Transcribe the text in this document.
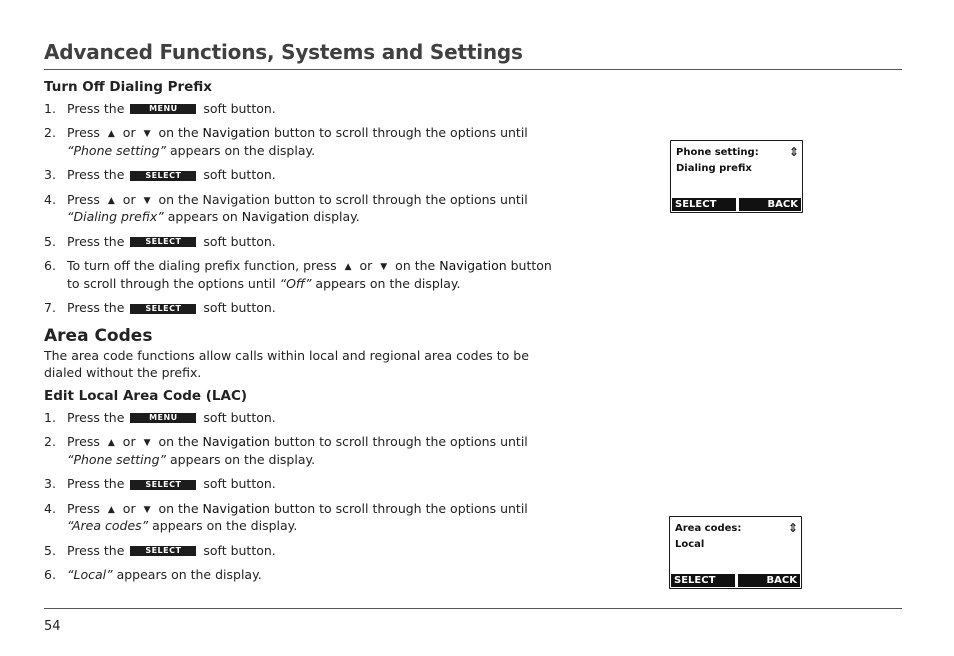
Advanced Functions, Systems and Settings
Turn Off Dialing Prefix
1. Press the	MENU soft button.
2. Press ▲ or ▼ on the Navigation button to scroll through the options until
“Phone setting” appears on the display.
3. Press the	SELECT soft button.
4. Press ▲ or ▼ on the Navigation button to scroll through the options until
“Dialing prefix” appears on Navigation display.
5. Press the	SELECT soft button.
6. To turn off the dialing prefix function, press ▲ or ▼ on the Navigation button
to scroll through the options until “Off” appears on the display.
7. Press the	SELECT soft button.
Area Codes
The area code functions allow calls within local and regional area codes to be dialed without the prefix.
Edit Local Area Code (LAC)
1. Press the	MENU soft button.
2. Press ▲ or ▼ on the Navigation button to scroll through the options until
“Phone setting” appears on the display.
3. Press the	SELECT soft button.
4. Press ▲ or ▼ on the Navigation button to scroll through the options until
“Area codes” appears on the display.
5. Press the	SELECT soft button.
6. “Local” appears on the display.
Phone setting:
Dialing prefix
⇕
SELECT	BACK
Area codes:
Local
⇕
SELECT	BACK
54
